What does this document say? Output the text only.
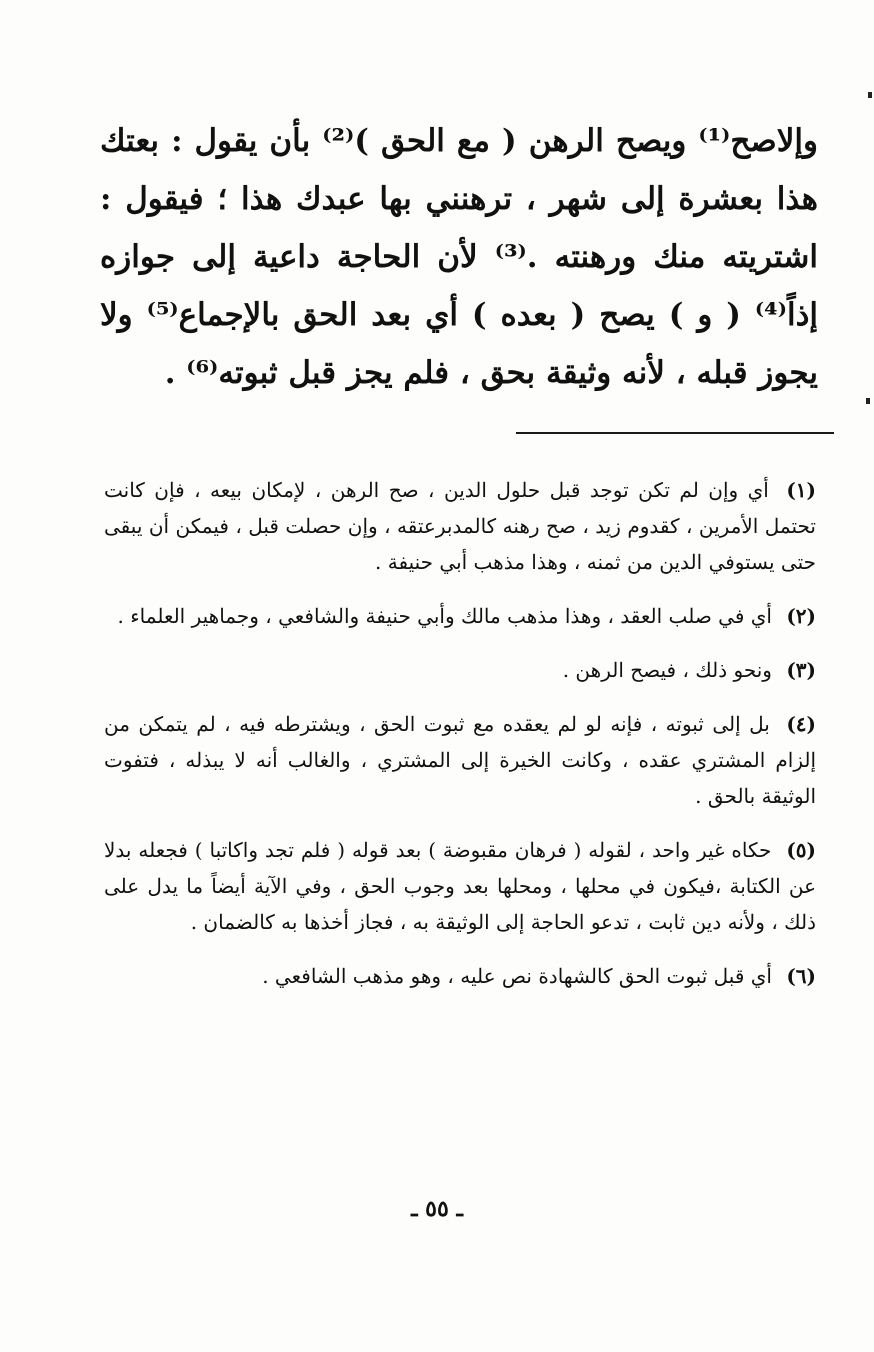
وإلاصح⁽¹⁾ ويصح الرهن ( مع الحق )⁽²⁾ بأن يقول : بعتك هذا بعشرة إلى شهر ، ترهنني بها عبدك هذا ؛ فيقول : اشتريته منك ورهنته .⁽³⁾ لأن الحاجة داعية إلى جوازه إذاً⁽⁴⁾ ( و ) يصح ( بعده ) أي بعد الحق بالإجماع⁽⁵⁾ ولا يجوز قبله ، لأنه وثيقة بحق ، فلم يجز قبل ثبوته⁽⁶⁾ .

(١) أي وإن لم تكن توجد قبل حلول الدين ، صح الرهن ، لإمكان بيعه ، فإن كانت تحتمل الأمرين ، كقدوم زيد ، صح رهنه كالمدبرعتقه ، وإن حصلت قبل ، فيمكن أن يبقى حتى يستوفي الدين من ثمنه ، وهذا مذهب أبي حنيفة .

(٢) أي في صلب العقد ، وهذا مذهب مالك وأبي حنيفة والشافعي ، وجماهير العلماء .

(٣) ونحو ذلك ، فيصح الرهن .

(٤) بل إلى ثبوته ، فإنه لو لم يعقده مع ثبوت الحق ، ويشترطه فيه ، لم يتمكن من إلزام المشتري عقده ، وكانت الخيرة إلى المشتري ، والغالب أنه لا يبذله ، فتفوت الوثيقة بالحق .

(٥) حكاه غير واحد ، لقوله ( فرهان مقبوضة ) بعد قوله ( فلم تجد واكاتبا ) فجعله بدلا عن الكتابة ،فيكون في محلها ، ومحلها بعد وجوب الحق ، وفي الآية أيضاً ما يدل على ذلك ، ولأنه دين ثابت ، تدعو الحاجة إلى الوثيقة به ، فجاز أخذها به كالضمان .

(٦) أي قبل ثبوت الحق كالشهادة نص عليه ، وهو مذهب الشافعي .

ـ ٥٥ ـ
